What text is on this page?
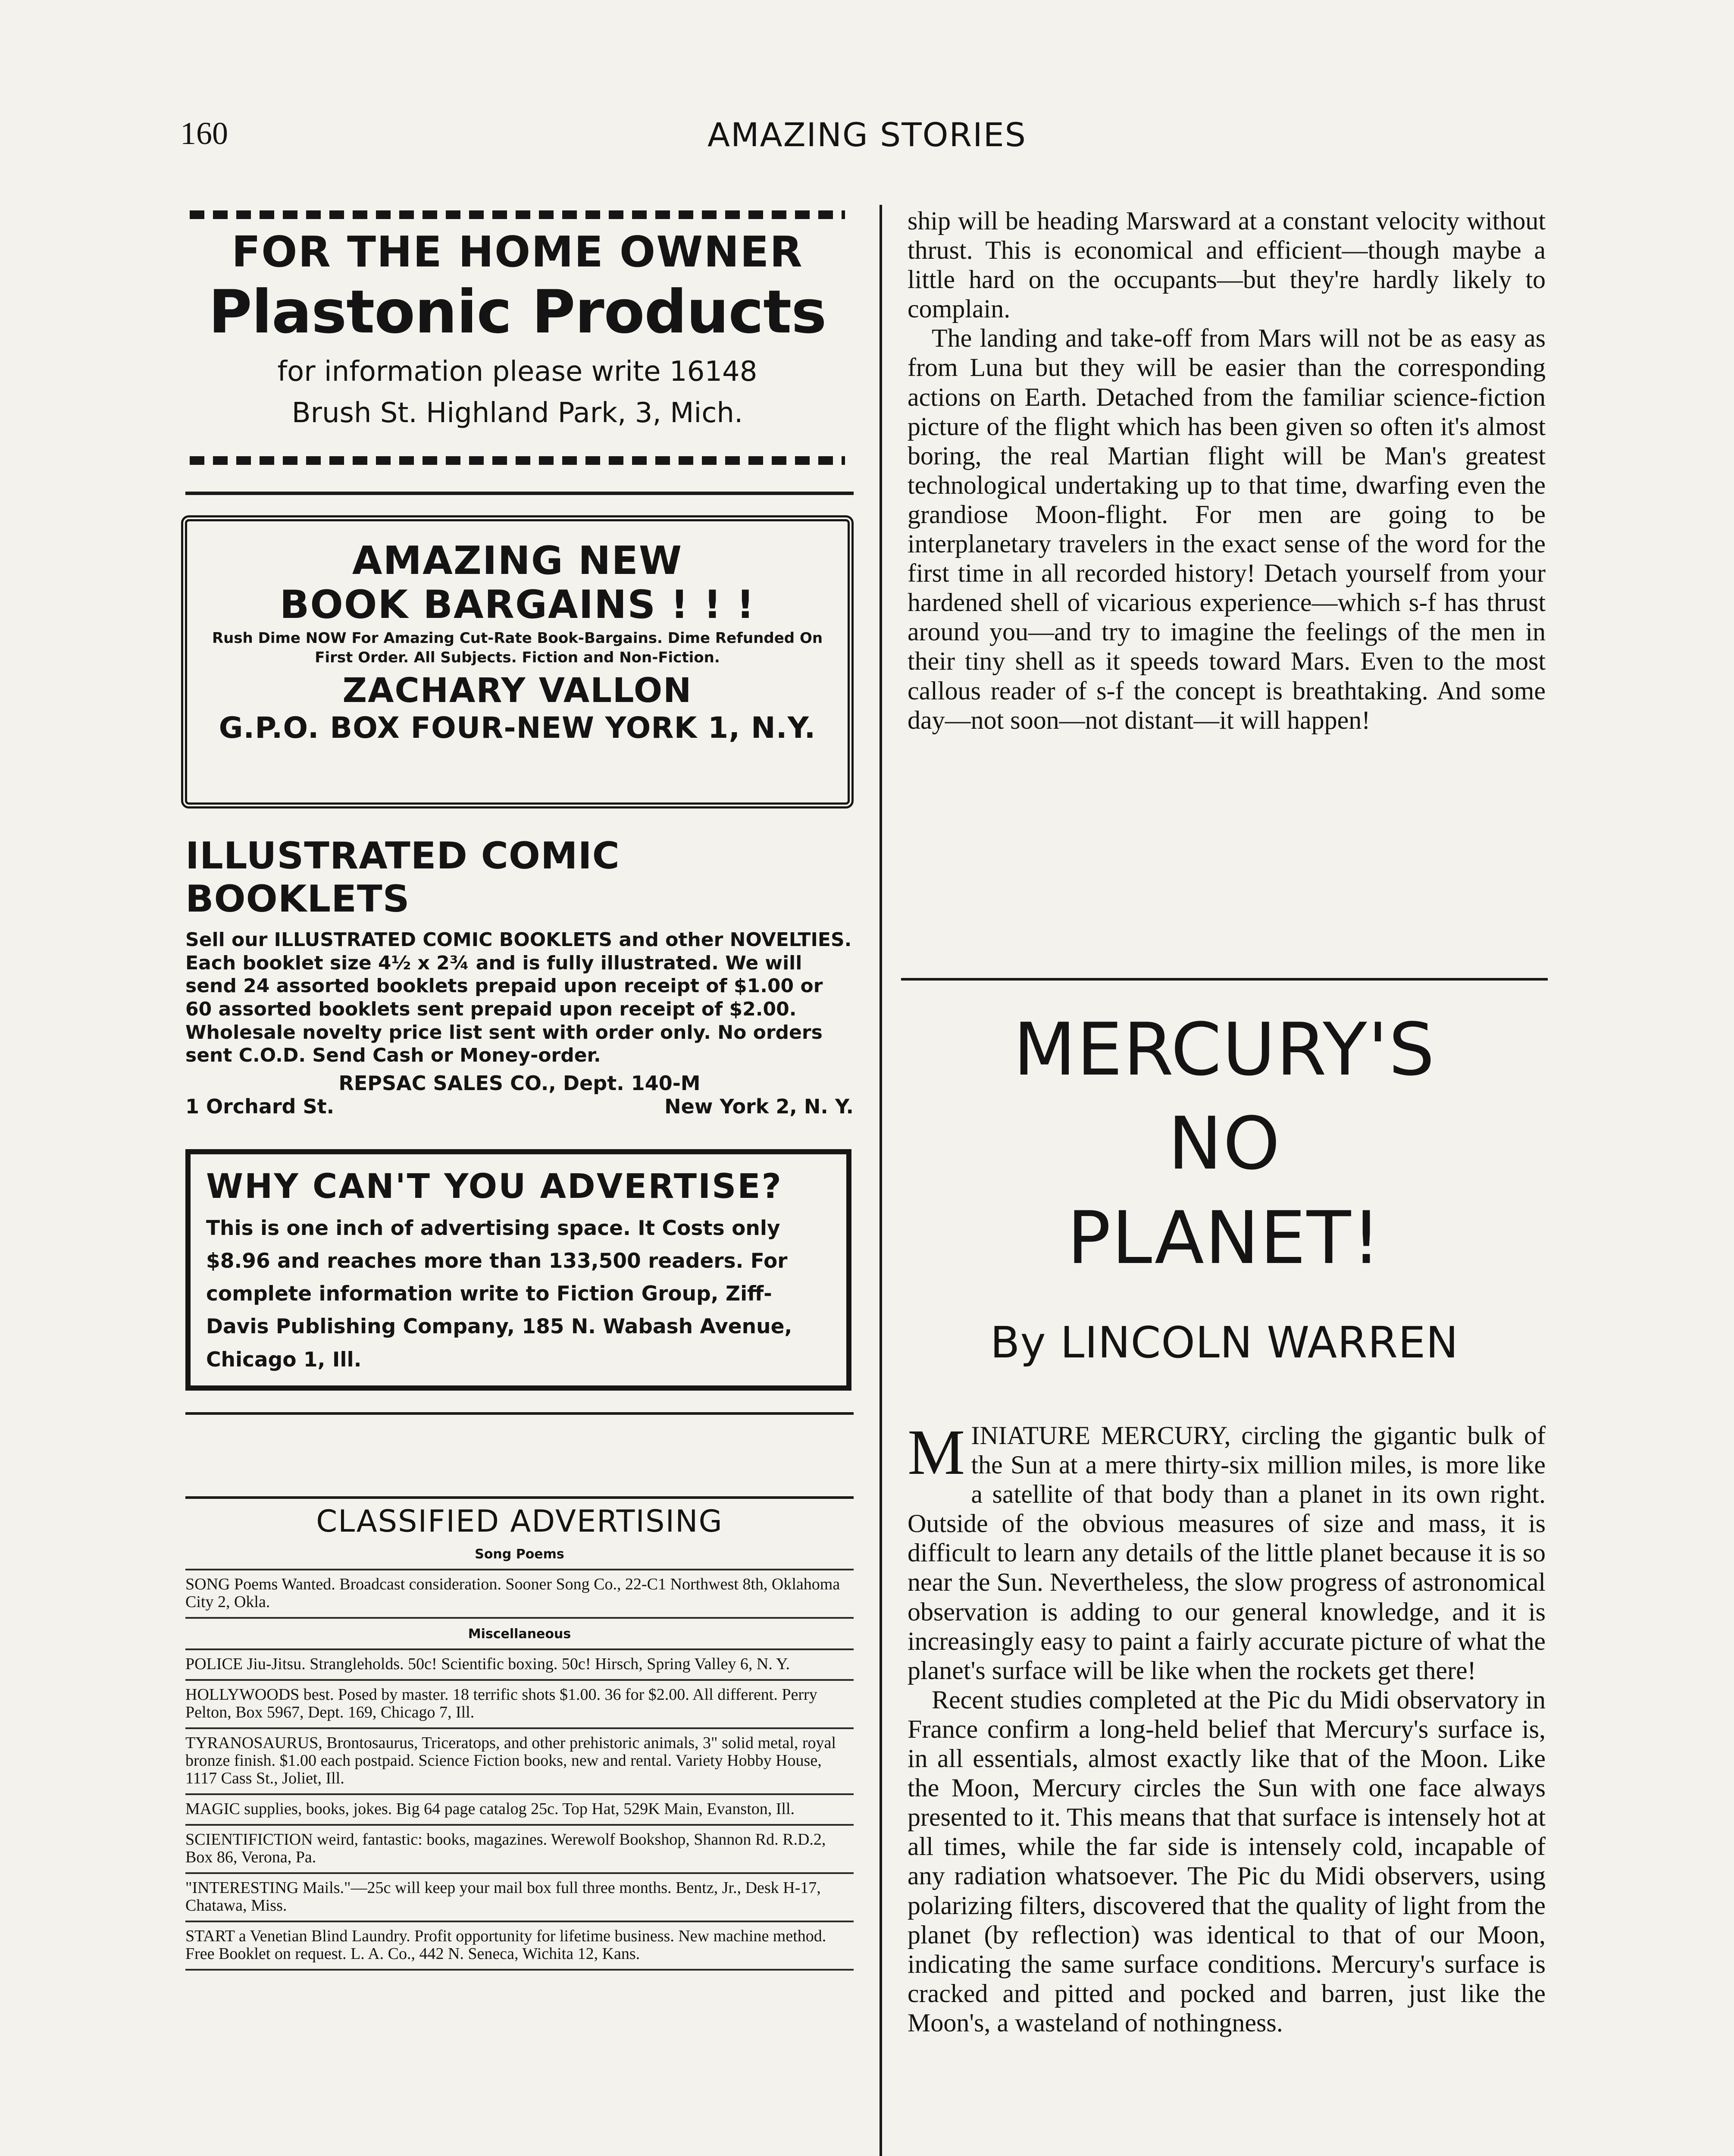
160	AMAZING STORIES
FOR THE HOME OWNER
Plastonic Products
for information please write 16148
Brush St. Highland Park, 3, Mich.
AMAZING NEW
BOOK BARGAINS ! ! !
Rush Dime NOW For Amazing Cut-Rate Book-Bargains. Dime Refunded On First Order. All Subjects. Fiction and Non-Fiction.
ZACHARY VALLON
G.P.O. BOX FOUR-NEW YORK 1, N.Y.
ILLUSTRATED COMIC BOOKLETS
Sell our ILLUSTRATED COMIC BOOKLETS and other NOVELTIES. Each booklet size 4½ x 2¾ and is fully illustrated. We will send 24 assorted booklets prepaid upon receipt of $1.00 or 60 assorted booklets sent prepaid upon receipt of $2.00. Wholesale novelty price list sent with order only. No orders sent C.O.D. Send Cash or Money-order.
REPSAC SALES CO., Dept. 140-M
1 Orchard St.	New York 2, N. Y.
WHY CAN'T YOU ADVERTISE?
This is one inch of advertising space. It Costs only $8.96 and reaches more than 133,500 readers. For complete information write to Fiction Group, Ziff-Davis Publishing Company, 185 N. Wabash Avenue, Chicago 1, Ill.
CLASSIFIED ADVERTISING
Song Poems
SONG Poems Wanted. Broadcast consideration. Sooner Song Co., 22-C1 Northwest 8th, Oklahoma City 2, Okla.
Miscellaneous
POLICE Jiu-Jitsu. Strangleholds. 50c! Scientific boxing. 50c! Hirsch, Spring Valley 6, N. Y.
HOLLYWOODS best. Posed by master. 18 terrific shots $1.00. 36 for $2.00. All different. Perry Pelton, Box 5967, Dept. 169, Chicago 7, Ill.
TYRANOSAURUS, Brontosaurus, Triceratops, and other prehistoric animals, 3" solid metal, royal bronze finish. $1.00 each postpaid. Science Fiction books, new and rental. Variety Hobby House, 1117 Cass St., Joliet, Ill.
MAGIC supplies, books, jokes. Big 64 page catalog 25c. Top Hat, 529K Main, Evanston, Ill.
SCIENTIFICTION weird, fantastic: books, magazines. Werewolf Bookshop, Shannon Rd. R.D.2, Box 86, Verona, Pa.
"INTERESTING Mails."—25c will keep your mail box full three months. Bentz, Jr., Desk H-17, Chatawa, Miss.
START a Venetian Blind Laundry. Profit opportunity for lifetime business. New machine method. Free Booklet on request. L. A. Co., 442 N. Seneca, Wichita 12, Kans.

ship will be heading Marsward at a constant velocity without thrust. This is economical and efficient—though maybe a little hard on the occupants—but they're hardly likely to complain.

The landing and take-off from Mars will not be as easy as from Luna but they will be easier than the corresponding actions on Earth. Detached from the familiar science-fiction picture of the flight which has been given so often it's almost boring, the real Martian flight will be Man's greatest technological undertaking up to that time, dwarfing even the grandiose Moon-flight. For men are going to be interplanetary travelers in the exact sense of the word for the first time in all recorded history! Detach yourself from your hardened shell of vicarious experience—which s-f has thrust around you—and try to imagine the feelings of the men in their tiny shell as it speeds toward Mars. Even to the most callous reader of s-f the concept is breathtaking. And some day—not soon—not distant—it will happen!

MERCURY'S
NO
PLANET!
By LINCOLN WARREN

MINIATURE MERCURY, circling the gigantic bulk of the Sun at a mere thirty-six million miles, is more like a satellite of that body than a planet in its own right. Outside of the obvious measures of size and mass, it is difficult to learn any details of the little planet because it is so near the Sun. Nevertheless, the slow progress of astronomical observation is adding to our general knowledge, and it is increasingly easy to paint a fairly accurate picture of what the planet's surface will be like when the rockets get there!

Recent studies completed at the Pic du Midi observatory in France confirm a long-held belief that Mercury's surface is, in all essentials, almost exactly like that of the Moon. Like the Moon, Mercury circles the Sun with one face always presented to it. This means that that surface is intensely hot at all times, while the far side is intensely cold, incapable of any radiation whatsoever. The Pic du Midi observers, using polarizing filters, discovered that the quality of light from the planet (by reflection) was identical to that of our Moon, indicating the same surface conditions. Mercury's surface is cracked and pitted and pocked and barren, just like the Moon's, a wasteland of nothingness.
